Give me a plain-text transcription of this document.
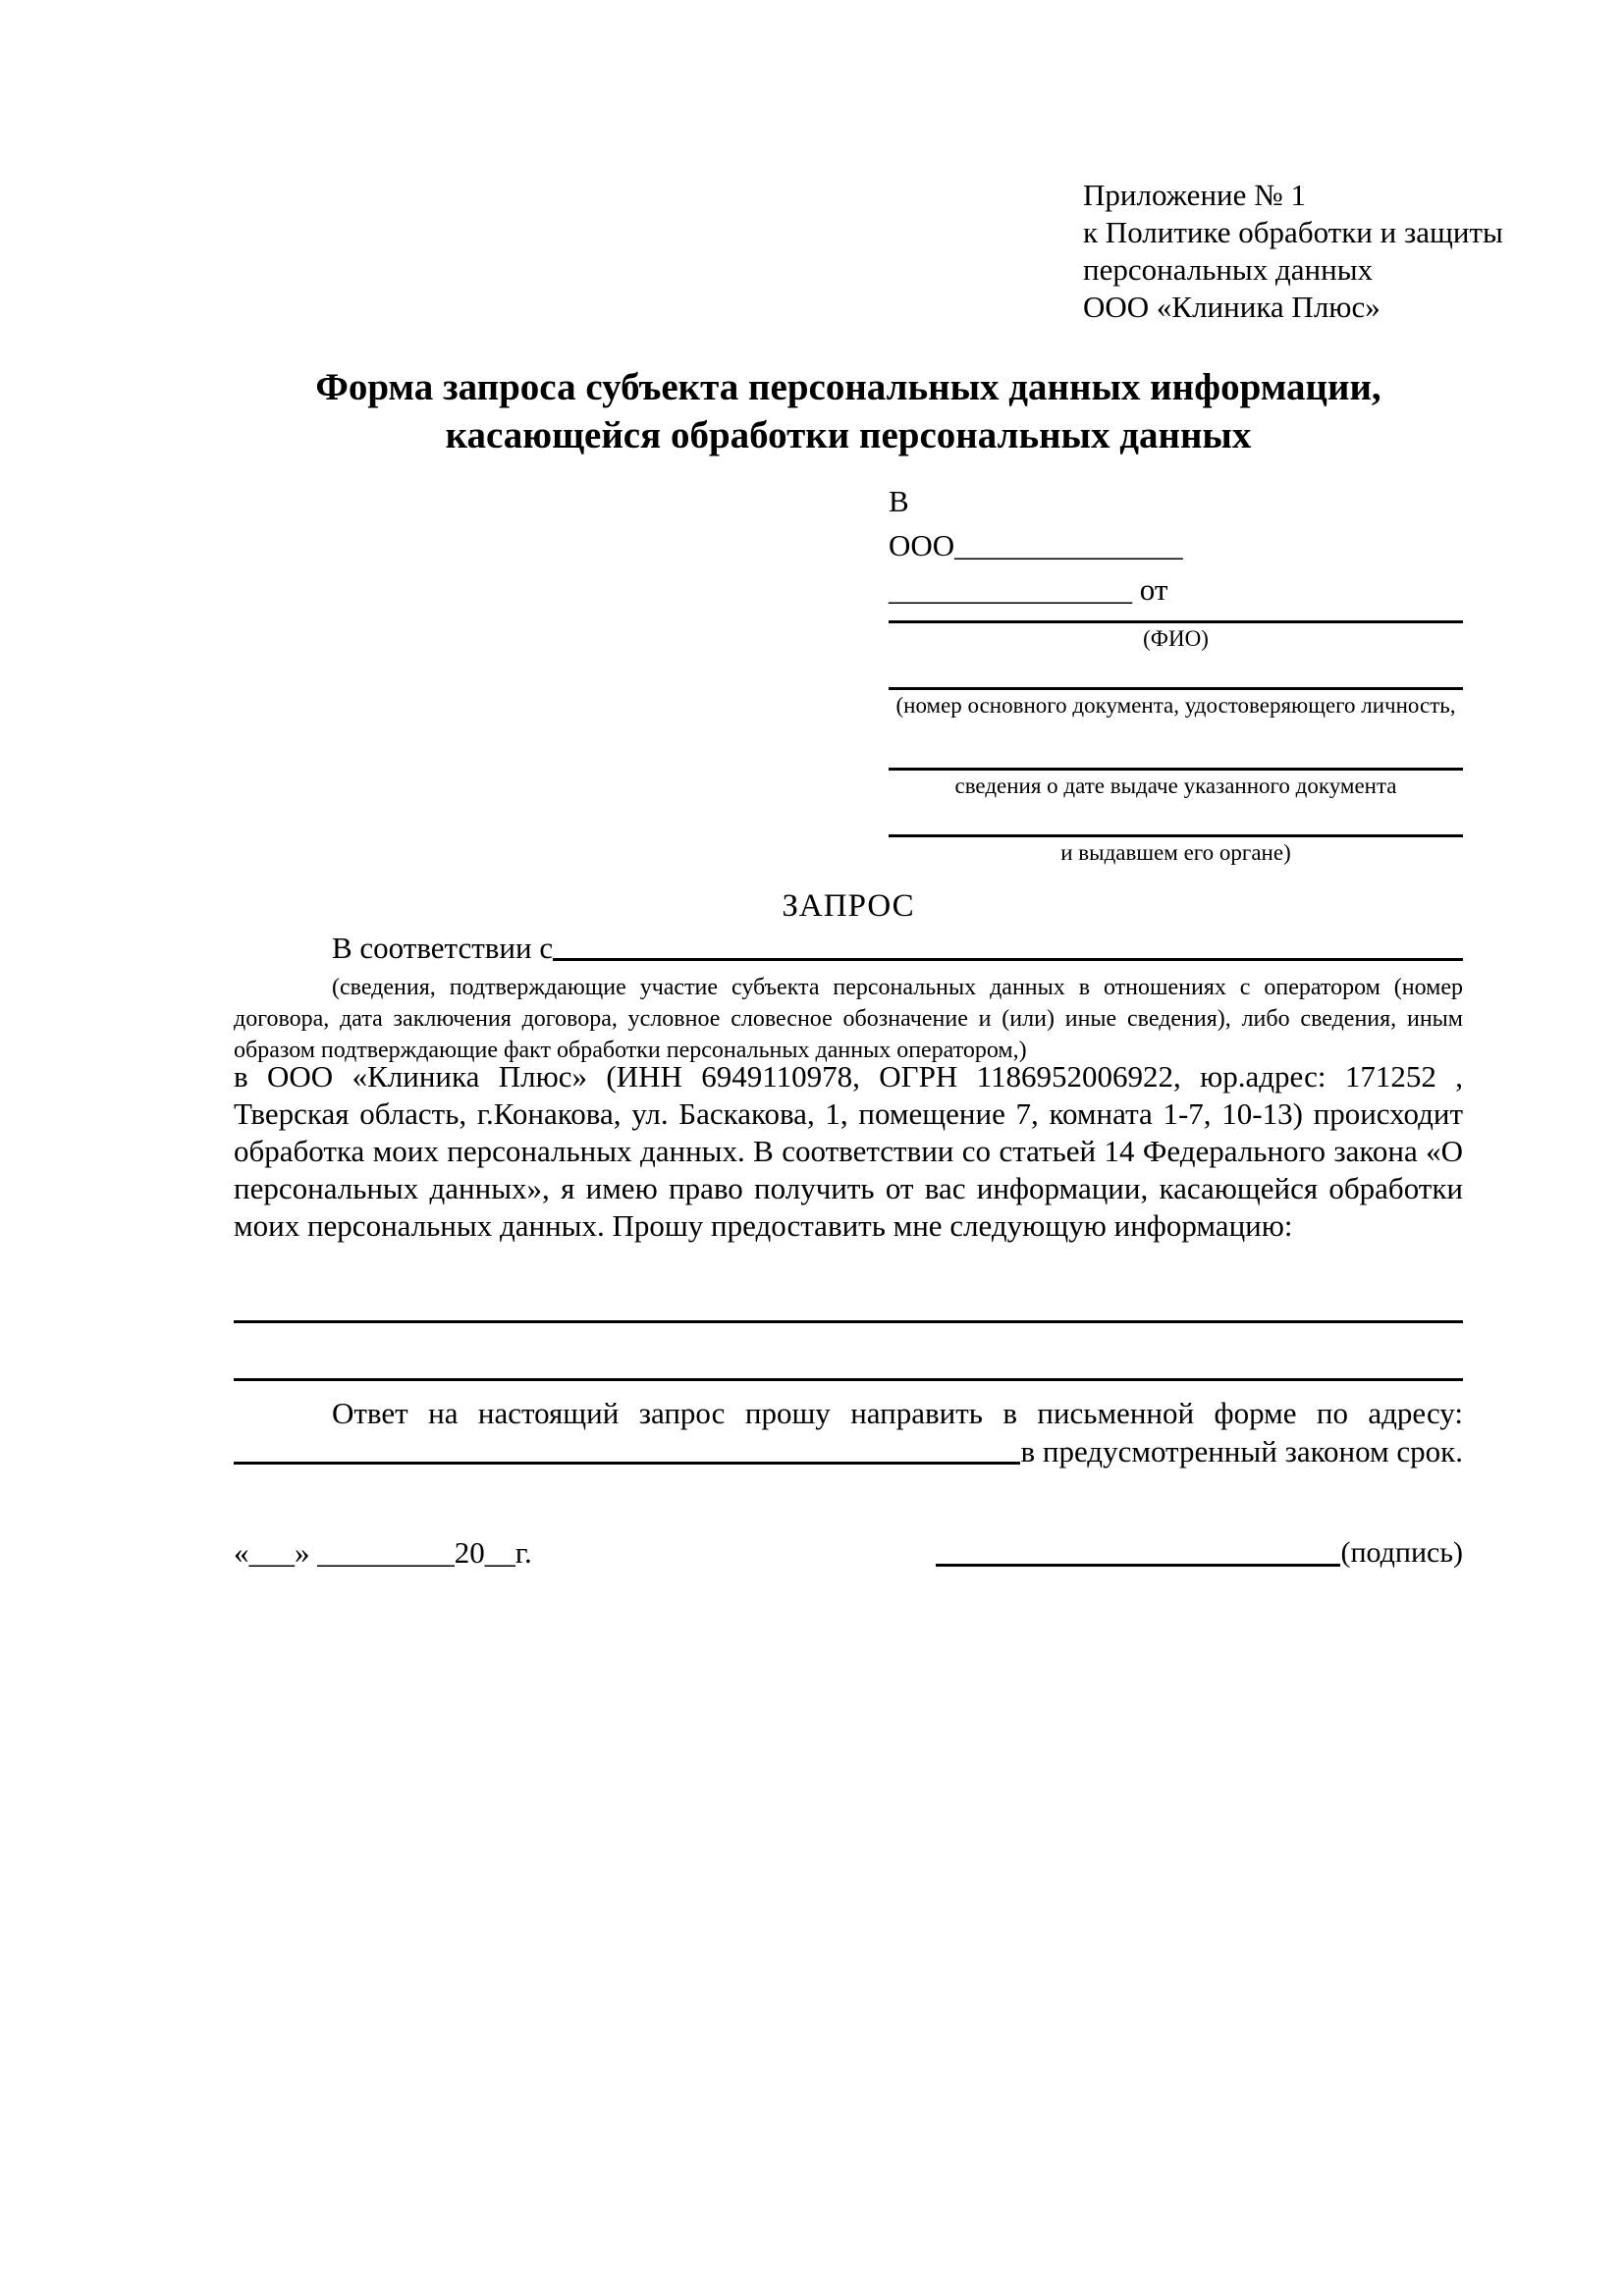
Приложение № 1
к Политике обработки и защиты
персональных данных
ООО «Клиника Плюс»
Форма запроса субъекта персональных данных информации,
касающейся обработки персональных данных
В
ООО_______________
________________ от
(ФИО)
(номер основного документа, удостоверяющего личность,
сведения о дате выдаче указанного документа
и выдавшем его органе)
ЗАПРОС
В соответствии с
(сведения, подтверждающие участие субъекта персональных данных в отношениях с оператором (номер договора, дата заключения договора, условное словесное обозначение и (или) иные сведения), либо сведения, иным образом подтверждающие факт обработки персональных данных оператором,)
в ООО «Клиника Плюс» (ИНН 6949110978, ОГРН 1186952006922, юр.адрес: 171252 , Тверская область, г.Конакова, ул. Баскакова, 1, помещение 7, комната 1-7, 10-13) происходит обработка моих персональных данных. В соответствии со статьей 14 Федерального закона «О персональных данных», я имею право получить от вас информации, касающейся обработки моих персональных данных. Прошу предоставить мне следующую информацию:
Ответ на настоящий запрос прошу направить в письменной форме по адресу:
в предусмотренный законом срок.
«___» _________20__г.	(подпись)
